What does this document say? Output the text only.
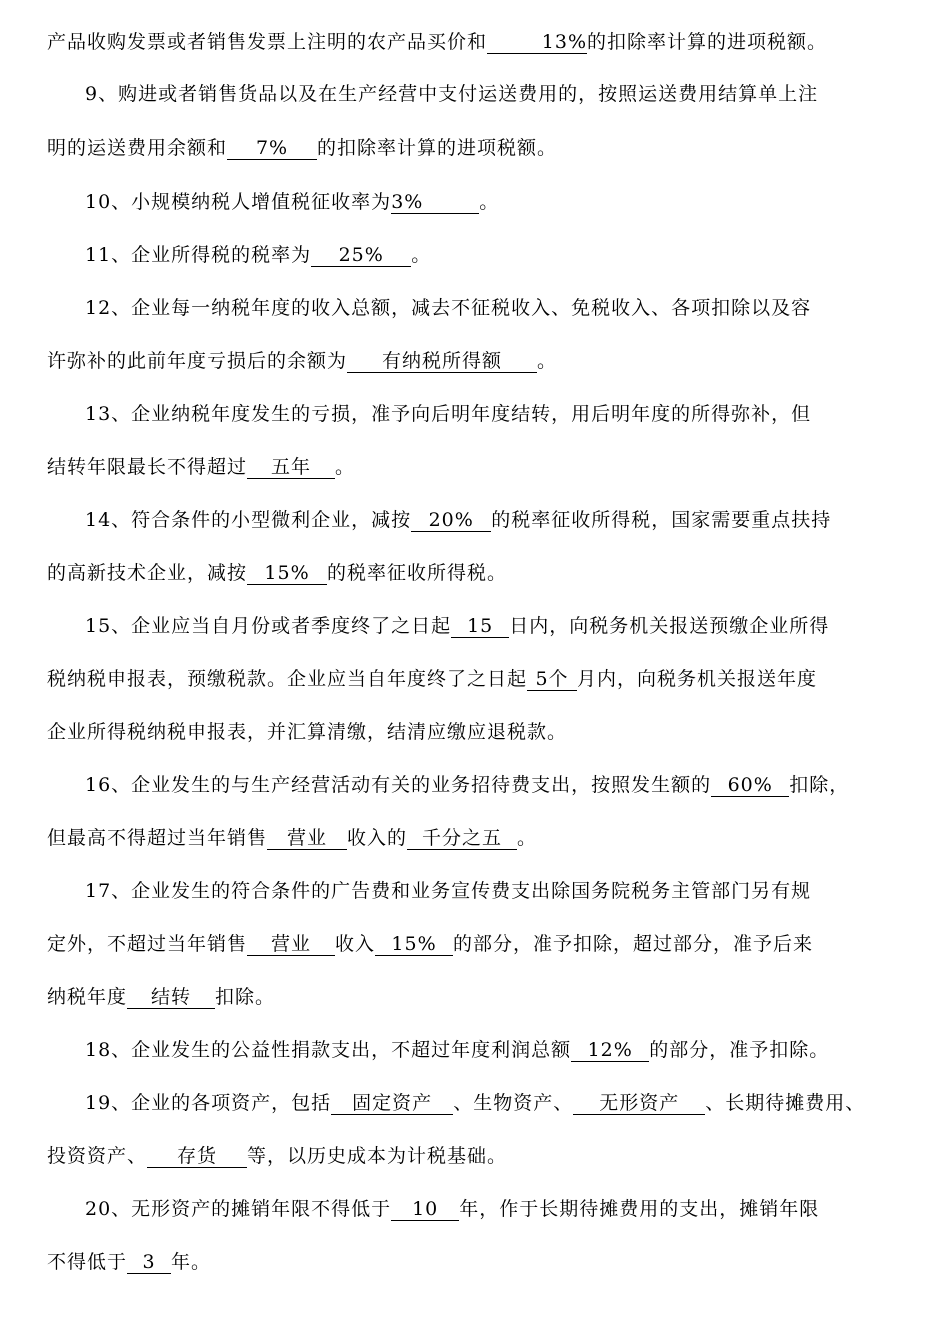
产品收购发票或者销售发票上注明的农产品买价和	13%的扣除率计算的进项税额。
9、购进或者销售货品以及在生产经营中支付运送费用的，按照运送费用结算单上注
明的运送费用余额和 7% 的扣除率计算的进项税额。
10、小规模纳税人增值税征收率为3%	。
11、企业所得税的税率为 25% 。
12、企业每一纳税年度的收入总额，减去不征税收入、免税收入、各项扣除以及容
许弥补的此前年度亏损后的余额为 有纳税所得额 。
13、企业纳税年度发生的亏损，准予向后明年度结转，用后明年度的所得弥补，但
结转年限最长不得超过 五年 。
14、符合条件的小型微利企业，减按 20% 的税率征收所得税，国家需要重点扶持
的高新技术企业，减按 15% 的税率征收所得税。
15、企业应当自月份或者季度终了之日起 15 日内，向税务机关报送预缴企业所得
税纳税申报表，预缴税款。企业应当自年度终了之日起 5个 月内，向税务机关报送年度
企业所得税纳税申报表，并汇算清缴，结清应缴应退税款。
16、企业发生的与生产经营活动有关的业务招待费支出，按照发生额的 60% 扣除，
但最高不得超过当年销售 营业 收入的 千分之五 。
17、企业发生的符合条件的广告费和业务宣传费支出除国务院税务主管部门另有规
定外，不超过当年销售 营业 收入 15% 的部分，准予扣除，超过部分，准予后来
纳税年度 结转 扣除。
18、企业发生的公益性捐款支出，不超过年度利润总额 12% 的部分，准予扣除。
19、企业的各项资产，包括 固定资产 、生物资产、 无形资产 、长期待摊费用、
投资资产、 存货 等，以历史成本为计税基础。
20、无形资产的摊销年限不得低于 10 年，作于长期待摊费用的支出，摊销年限
不得低于 3 年。
